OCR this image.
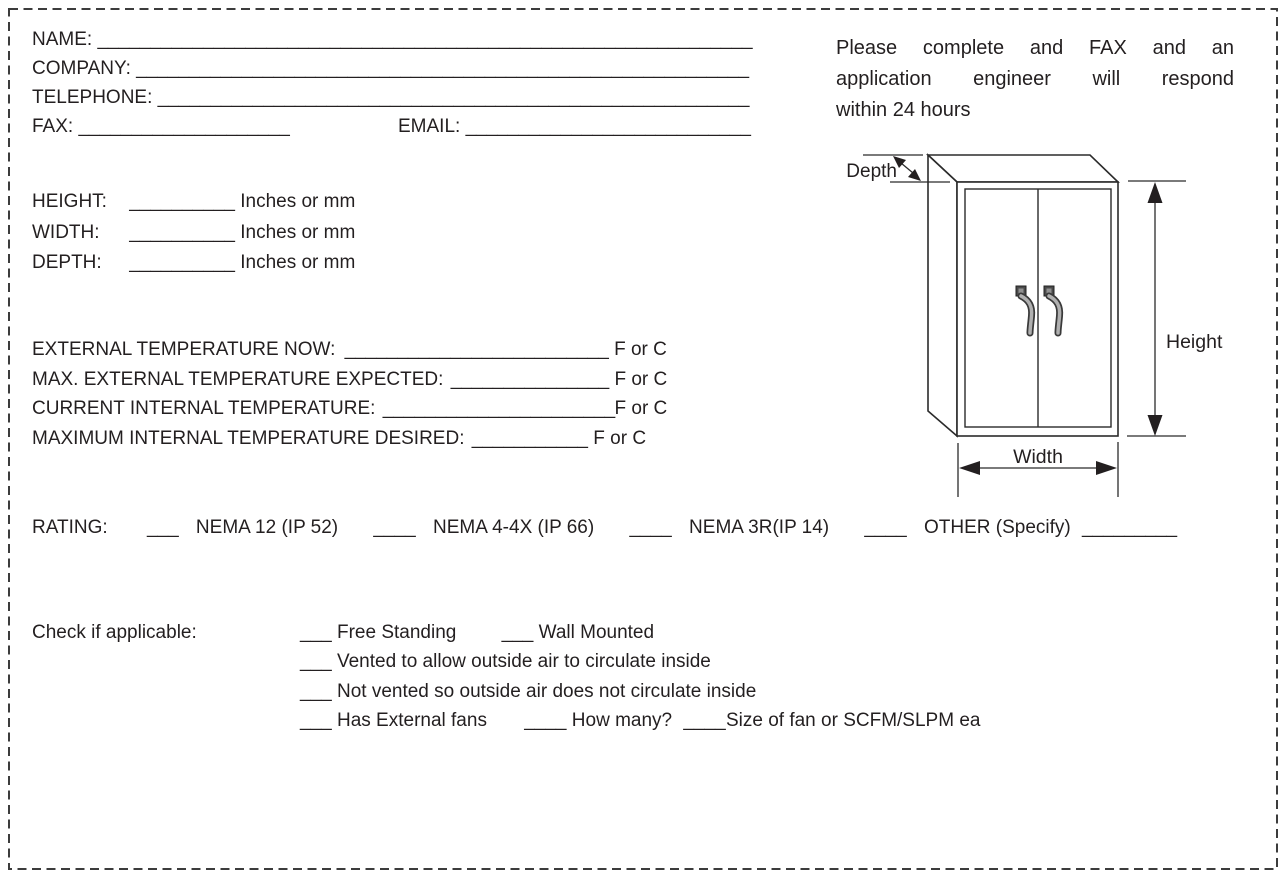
NAME: ______________________________________________________________
COMPANY: __________________________________________________________
TELEPHONE: ________________________________________________________
FAX: ____________________	EMAIL: ___________________________
Please complete and FAX and an
application engineer will respond
within 24 hours
HEIGHT: __________ Inches or mm
WIDTH: __________ Inches or mm
DEPTH: __________ Inches or mm
EXTERNAL TEMPERATURE NOW: _________________________ F or C
MAX. EXTERNAL TEMPERATURE EXPECTED: _______________ F or C
CURRENT INTERNAL TEMPERATURE: ______________________ F or C
MAXIMUM INTERNAL TEMPERATURE DESIRED: ___________ F or C
RATING: ___ NEMA 12 (IP 52) ____ NEMA 4-4X (IP 66) ____ NEMA 3R(IP 14) ____ OTHER (Specify) _________
Check if applicable:	___ Free Standing ___ Wall Mounted
___ Vented to allow outside air to circulate inside
___ Not vented so outside air does not circulate inside
___ Has External fans ____ How many? ____ Size of fan or SCFM/SLPM ea
Height
Width
Depth
